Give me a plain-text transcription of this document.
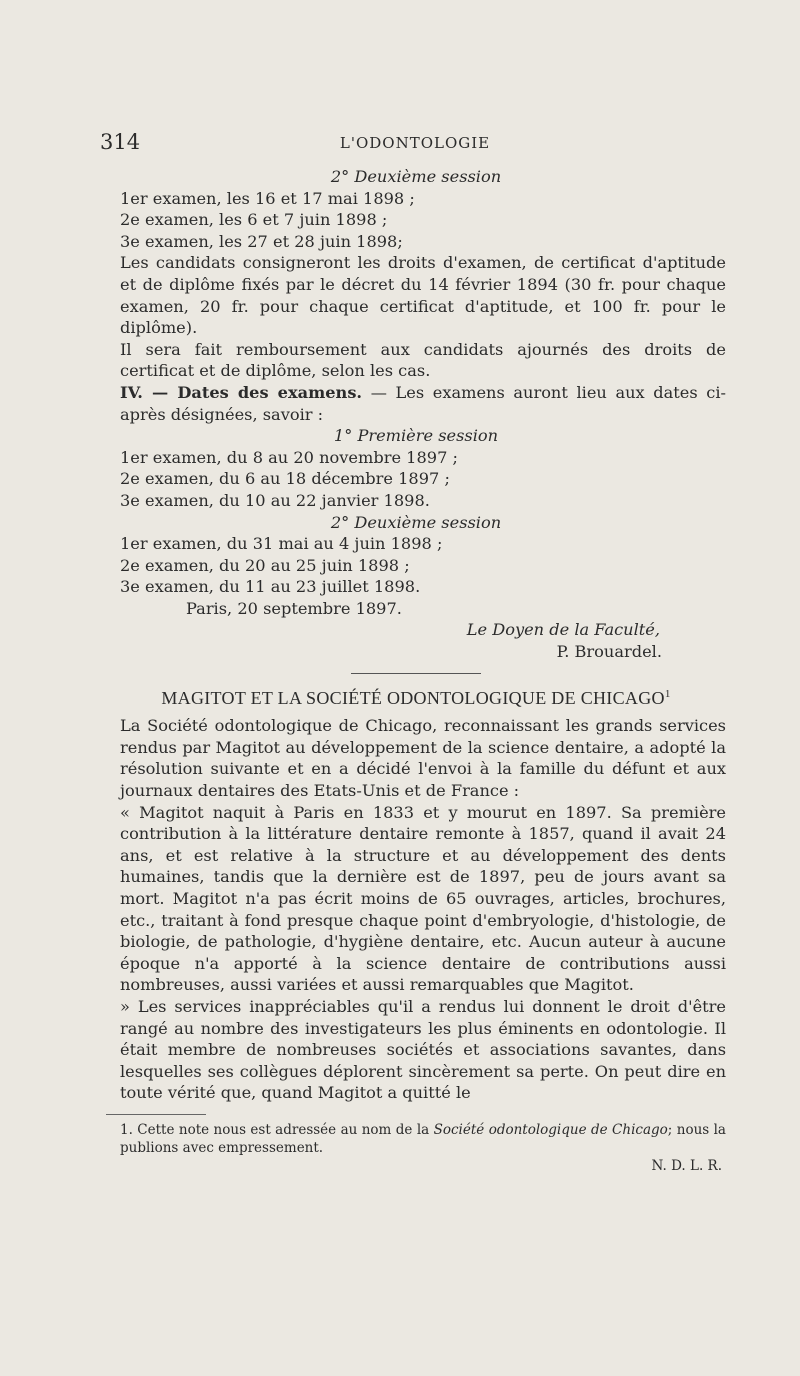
314	L'ODONTOLOGIE
2° Deuxième session
1er examen, les 16 et 17 mai 1898 ;
2e examen, les 6 et 7 juin 1898 ;
3e examen, les 27 et 28 juin 1898;

Les candidats consigneront les droits d'examen, de certificat d'aptitude et de diplôme fixés par le décret du 14 février 1894 (30 fr. pour chaque examen, 20 fr. pour chaque certificat d'aptitude, et 100 fr. pour le diplôme).

Il sera fait remboursement aux candidats ajournés des droits de certificat et de diplôme, selon les cas.

IV. — Dates des examens. — Les examens auront lieu aux dates ci-après désignées, savoir :

1° Première session
1er examen, du 8 au 20 novembre 1897 ;
2e examen, du 6 au 18 décembre 1897 ;
3e examen, du 10 au 22 janvier 1898.
2° Deuxième session
1er examen, du 31 mai au 4 juin 1898 ;
2e examen, du 20 au 25 juin 1898 ;
3e examen, du 11 au 23 juillet 1898.
Paris, 20 septembre 1897.
Le Doyen de la Faculté,
P. Brouardel.
MAGITOT ET LA SOCIÉTÉ ODONTOLOGIQUE DE CHICAGO$^1$

La Société odontologique de Chicago, reconnaissant les grands services rendus par Magitot au développement de la science dentaire, a adopté la résolution suivante et en a décidé l'envoi à la famille du défunt et aux journaux dentaires des Etats-Unis et de France :

« Magitot naquit à Paris en 1833 et y mourut en 1897. Sa première contribution à la littérature dentaire remonte à 1857, quand il avait 24 ans, et est relative à la structure et au développement des dents humaines, tandis que la dernière est de 1897, peu de jours avant sa mort. Magitot n'a pas écrit moins de 65 ouvrages, articles, brochures, etc., traitant à fond presque chaque point d'embryologie, d'histologie, de biologie, de pathologie, d'hygiène dentaire, etc. Aucun auteur à aucune époque n'a apporté à la science dentaire de contributions aussi nombreuses, aussi variées et aussi remarquables que Magitot.

» Les services inappréciables qu'il a rendus lui donnent le droit d'être rangé au nombre des investigateurs les plus éminents en odontologie. Il était membre de nombreuses sociétés et associations savantes, dans lesquelles ses collègues déplorent sincèrement sa perte. On peut dire en toute vérité que, quand Magitot a quitté le

1. Cette note nous est adressée au nom de la Société odontologique de Chicago; nous la publions avec empressement.

N. D. L. R.
